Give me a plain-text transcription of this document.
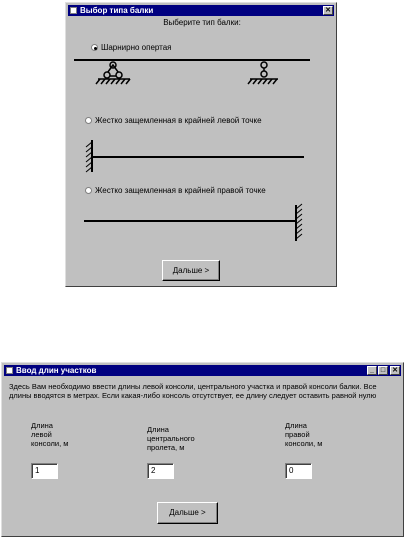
Выбор типа балки	✕
Выберите тип балки:
Шарнирно опертая
Жестко защемленная в крайней левой точке
Жестко защемленная в крайней правой точке
Дальше >
Ввод длин участков	_ □ ✕
Здесь Вам необходимо ввести длины левой консоли, центрального участка и правой консоли балки. Все длины вводятся в метрах. Если какая-либо консоль отсутствует, ее длину следует оставить равной нулю
Длина
левой
консоли, м
1
Длина
центрального
пролета, м
2
Длина
правой
консоли, м
0
Дальше >
